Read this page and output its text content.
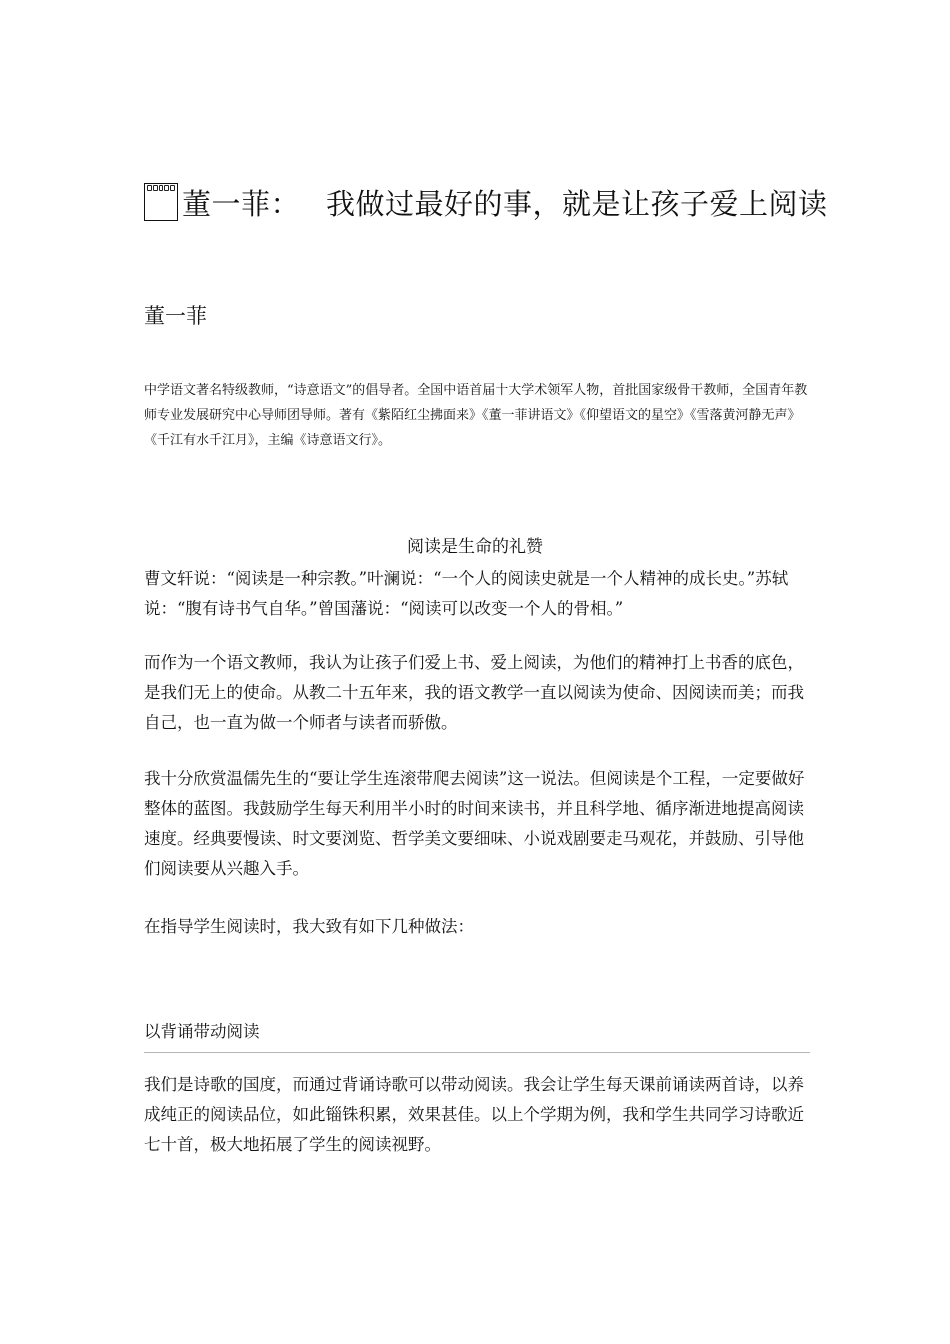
董一菲： 我做过最好的事，就是让孩子爱上阅读
董一菲

中学语文著名特级教师，“诗意语文”的倡导者。全国中语首届十大学术领军人物，首批国家级骨干教师，全国青年教师专业发展研究中心导师团导师。著有《紫陌红尘拂面来》《董一菲讲语文》《仰望语文的星空》《雪落黄河静无声》《千江有水千江月》，主编《诗意语文行》。

阅读是生命的礼赞

曹文轩说：“阅读是一种宗教。”叶澜说：“一个人的阅读史就是一个人精神的成长史。”苏轼说：“腹有诗书气自华。”曾国藩说：“阅读可以改变一个人的骨相。”

而作为一个语文教师，我认为让孩子们爱上书、爱上阅读，为他们的精神打上书香的底色，是我们无上的使命。从教二十五年来，我的语文教学一直以阅读为使命、因阅读而美；而我自己，也一直为做一个师者与读者而骄傲。

我十分欣赏温儒先生的“要让学生连滚带爬去阅读”这一说法。但阅读是个工程，一定要做好整体的蓝图。我鼓励学生每天利用半小时的时间来读书，并且科学地、循序渐进地提高阅读速度。经典要慢读、时文要浏览、哲学美文要细味、小说戏剧要走马观花，并鼓励、引导他们阅读要从兴趣入手。

在指导学生阅读时，我大致有如下几种做法：

以背诵带动阅读

我们是诗歌的国度，而通过背诵诗歌可以带动阅读。我会让学生每天课前诵读两首诗，以养成纯正的阅读品位，如此锱铢积累，效果甚佳。以上个学期为例，我和学生共同学习诗歌近七十首，极大地拓展了学生的阅读视野。
